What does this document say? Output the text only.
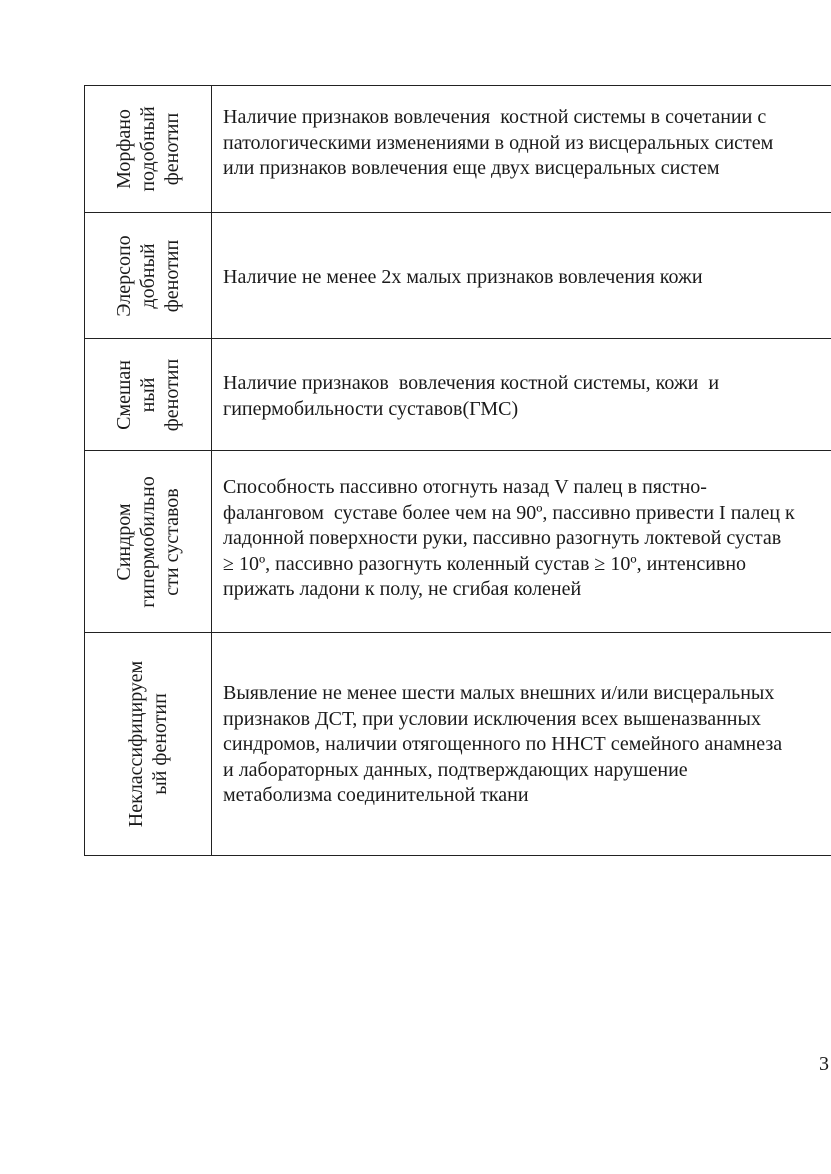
Морфано
подобный
фенотип Наличие признаков вовлечения  костной системы в сочетании с
патологическими изменениями в одной из висцеральных систем
или признаков вовлечения еще двух висцеральных систем
Элерсопо
добный
фенотип Наличие не менее 2х малых признаков вовлечения кожи
Смешан
ный
фенотип Наличие признаков  вовлечения костной системы, кожи  и
гипермобильности суставов(ГМС)
Синдром
гипермобильно
сти суставов
Способность пассивно отогнуть назад V палец в пястно-
фаланговом  суставе более чем на 90º, пассивно привести I палец к
ладонной поверхности руки, пассивно разогнуть локтевой сустав
≥ 10º, пассивно разогнуть коленный сустав ≥ 10º, интенсивно
прижать ладони к полу, не сгибая коленей
Неклассифицируем
ый фенотип
Выявление не менее шести малых внешних и/или висцеральных
признаков ДСТ, при условии исключения всех вышеназванных
синдромов, наличии отягощенного по ННСТ семейного анамнеза
и лабораторных данных, подтверждающих нарушение
метаболизма соединительной ткани
3
